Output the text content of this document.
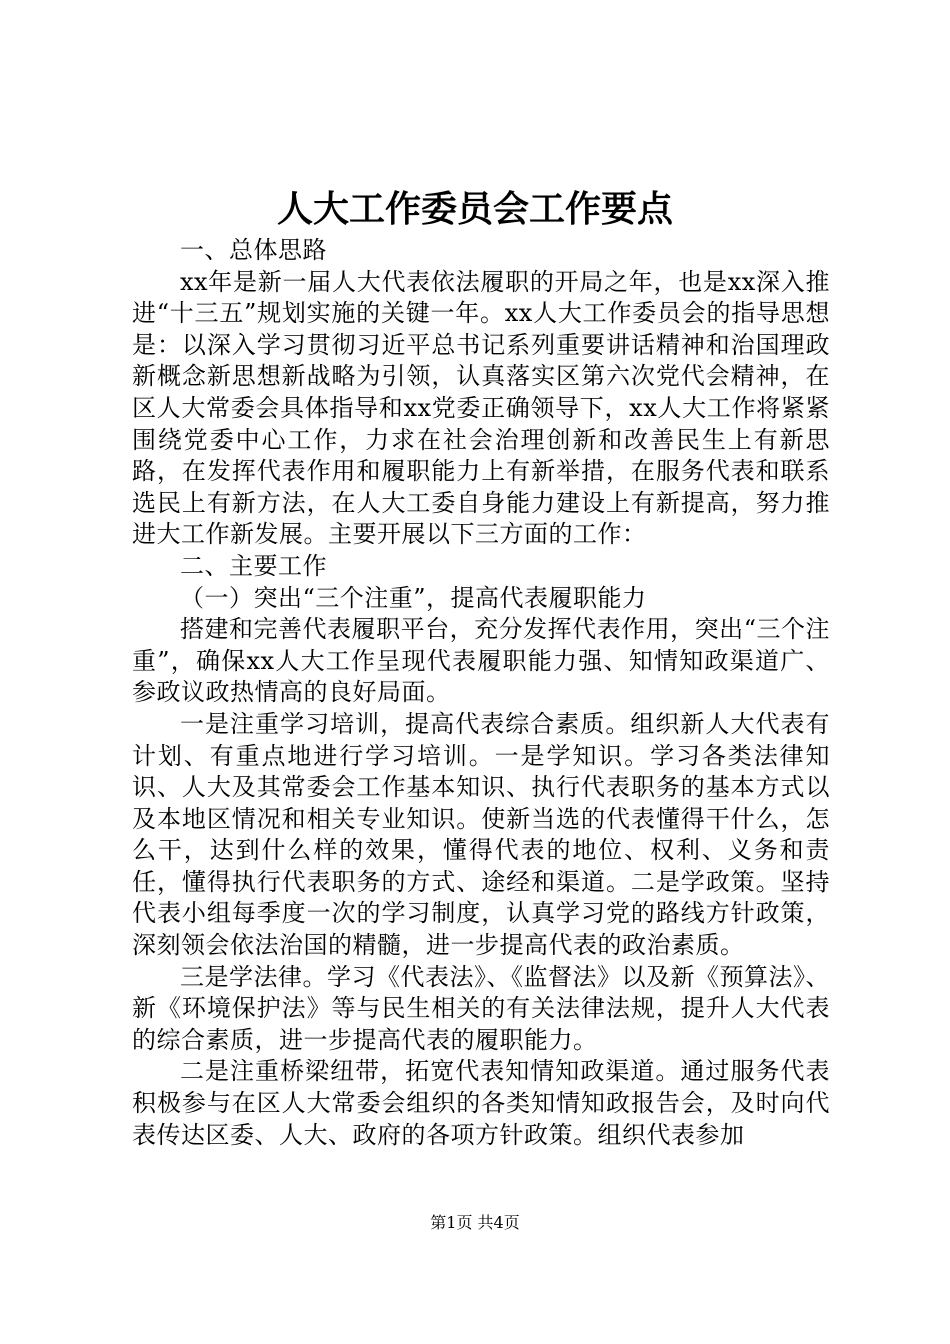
人大工作委员会工作要点

一、总体思路

xx年是新一届人大代表依法履职的开局之年，也是xx深入推进“十三五”规划实施的关键一年。xx人大工作委员会的指导思想是：以深入学习贯彻习近平总书记系列重要讲话精神和治国理政新概念新思想新战略为引领，认真落实区第六次党代会精神，在区人大常委会具体指导和xx党委正确领导下，xx人大工作将紧紧围绕党委中心工作，力求在社会治理创新和改善民生上有新思路，在发挥代表作用和履职能力上有新举措，在服务代表和联系选民上有新方法，在人大工委自身能力建设上有新提高，努力推进大工作新发展。主要开展以下三方面的工作：

二、主要工作

（一）突出“三个注重”，提高代表履职能力

搭建和完善代表履职平台，充分发挥代表作用，突出“三个注重”，确保xx人大工作呈现代表履职能力强、知情知政渠道广、参政议政热情高的良好局面。

一是注重学习培训，提高代表综合素质。组织新人大代表有计划、有重点地进行学习培训。一是学知识。学习各类法律知识、人大及其常委会工作基本知识、执行代表职务的基本方式以及本地区情况和相关专业知识。使新当选的代表懂得干什么，怎么干，达到什么样的效果，懂得代表的地位、权利、义务和责任，懂得执行代表职务的方式、途经和渠道。二是学政策。坚持代表小组每季度一次的学习制度，认真学习党的路线方针政策，深刻领会依法治国的精髓，进一步提高代表的政治素质。

三是学法律。学习《代表法》、《监督法》以及新《预算法》、新《环境保护法》等与民生相关的有关法律法规，提升人大代表的综合素质，进一步提高代表的履职能力。

二是注重桥梁纽带，拓宽代表知情知政渠道。通过服务代表积极参与在区人大常委会组织的各类知情知政报告会，及时向代表传达区委、人大、政府的各项方针政策。组织代表参加

第1页 共4页
